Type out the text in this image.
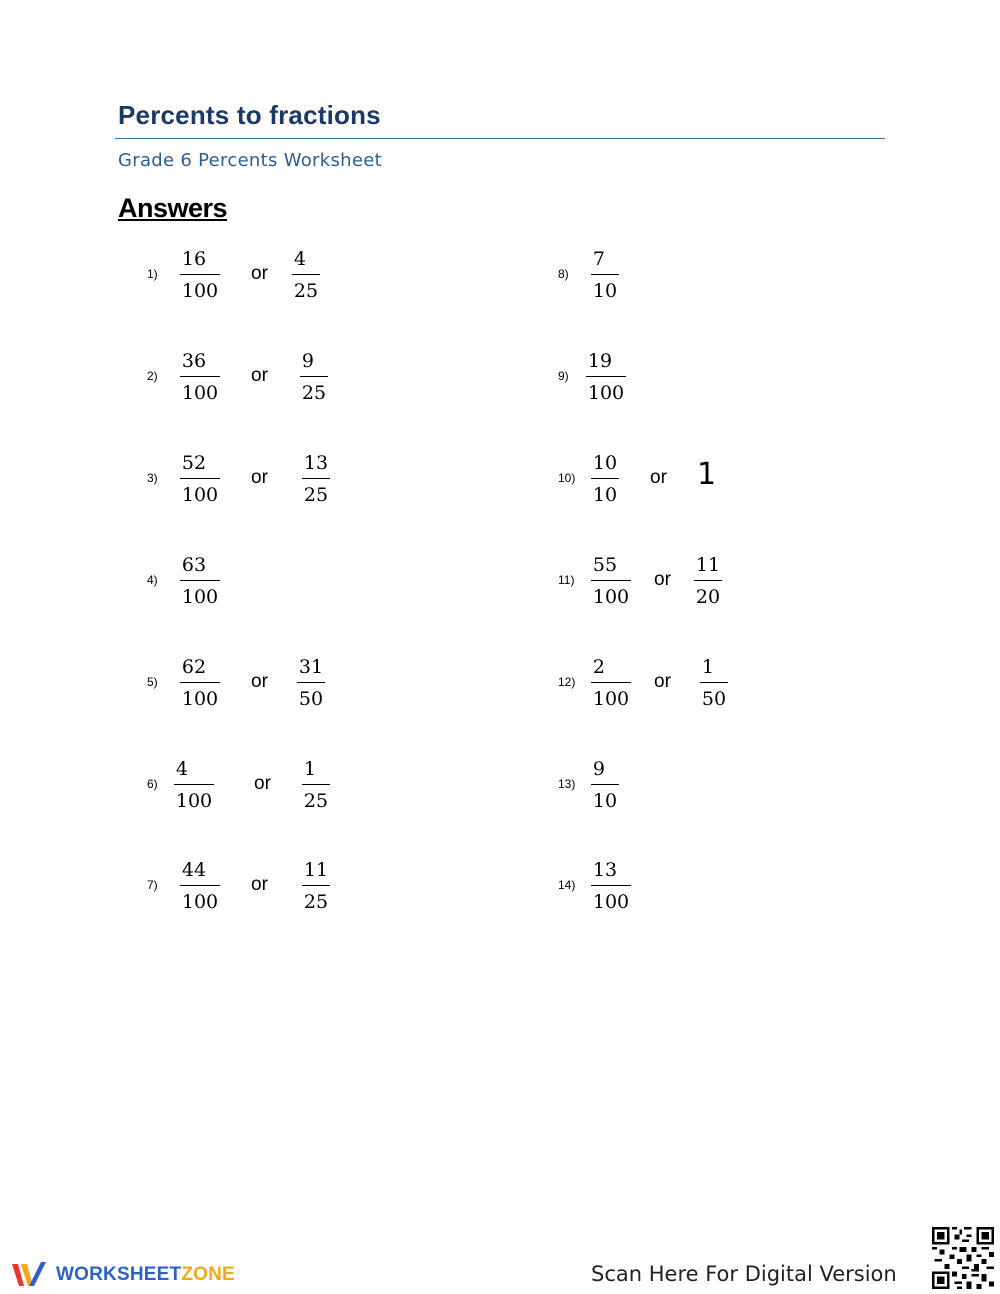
Percents to fractions
Grade 6 Percents Worksheet
Answers
1)
16
100
or
4
25
2)
36
100
or
9
25
3)
52
100
or
13
25
4)
63
100
5)
62
100
or
31
50
6)
4
100
or
1
25
7)
44
100
or
11
25
8)
7
10
9)
19
100
10)
10
10
or 1
11)
55
100
or
11
20
12)
2
100
or
1
50
13)
9
10
14)
13
100
WORKSHEETZONE	Scan Here For Digital Version
